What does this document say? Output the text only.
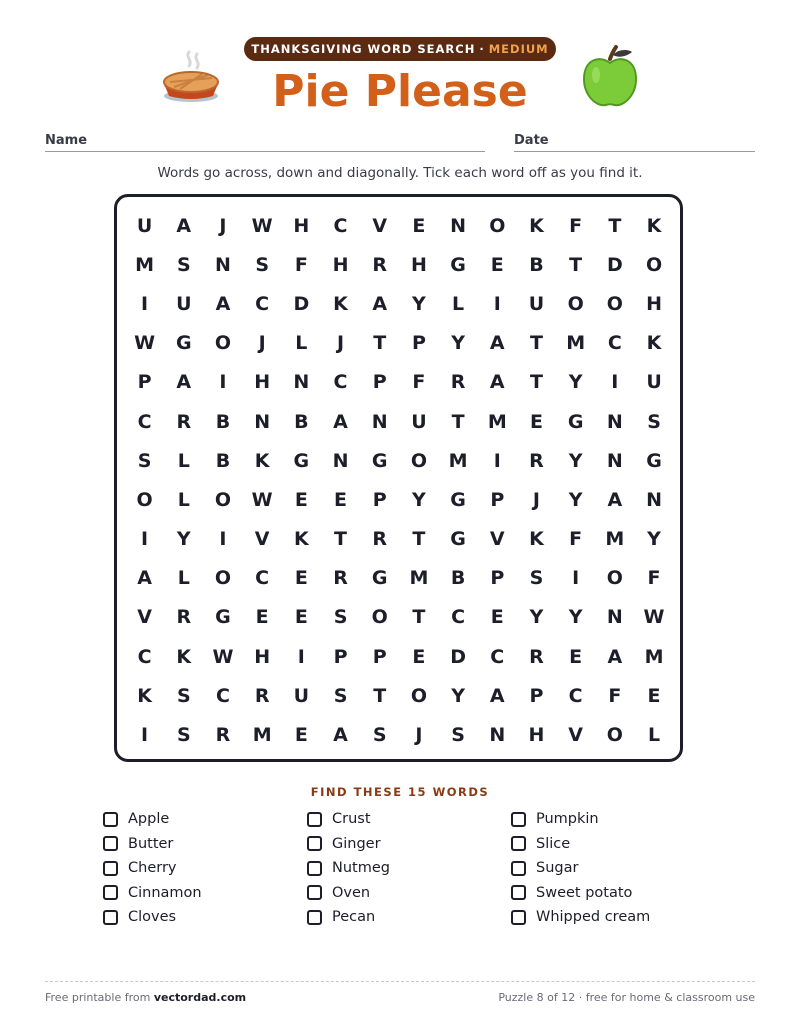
THANKSGIVING WORD SEARCH · MEDIUM
Pie Please
Name	Date
Words go across, down and diagonally. Tick each word off as you find it.
U	A	J	W	H	C	V	E	N	O	K	F	T	K
M	S	N	S	F	H	R	H	G	E	B	T	D	O
I	U	A	C	D	K	A	Y	L	I	U	O	O	H
W	G	O	J	L	J	T	P	Y	A	T	M	C	K
P	A	I	H	N	C	P	F	R	A	T	Y	I	U
C	R	B	N	B	A	N	U	T	M	E	G	N	S
S	L	B	K	G	N	G	O	M	I	R	Y	N	G
O	L	O	W	E	E	P	Y	G	P	J	Y	A	N
I	Y	I	V	K	T	R	T	G	V	K	F	M	Y
A	L	O	C	E	R	G	M	B	P	S	I	O	F
V	R	G	E	E	S	O	T	C	E	Y	Y	N	W
C	K	W	H	I	P	P	E	D	C	R	E	A	M
K	S	C	R	U	S	T	O	Y	A	P	C	F	E
I	S	R	M	E	A	S	J	S	N	H	V	O	L
FIND THESE 15 WORDS
Apple
Butter
Cherry
Cinnamon
Cloves
Crust
Ginger
Nutmeg
Oven
Pecan
Pumpkin
Slice
Sugar
Sweet potato
Whipped cream
Free printable from vectordad.com	Puzzle 8 of 12 · free for home & classroom use
